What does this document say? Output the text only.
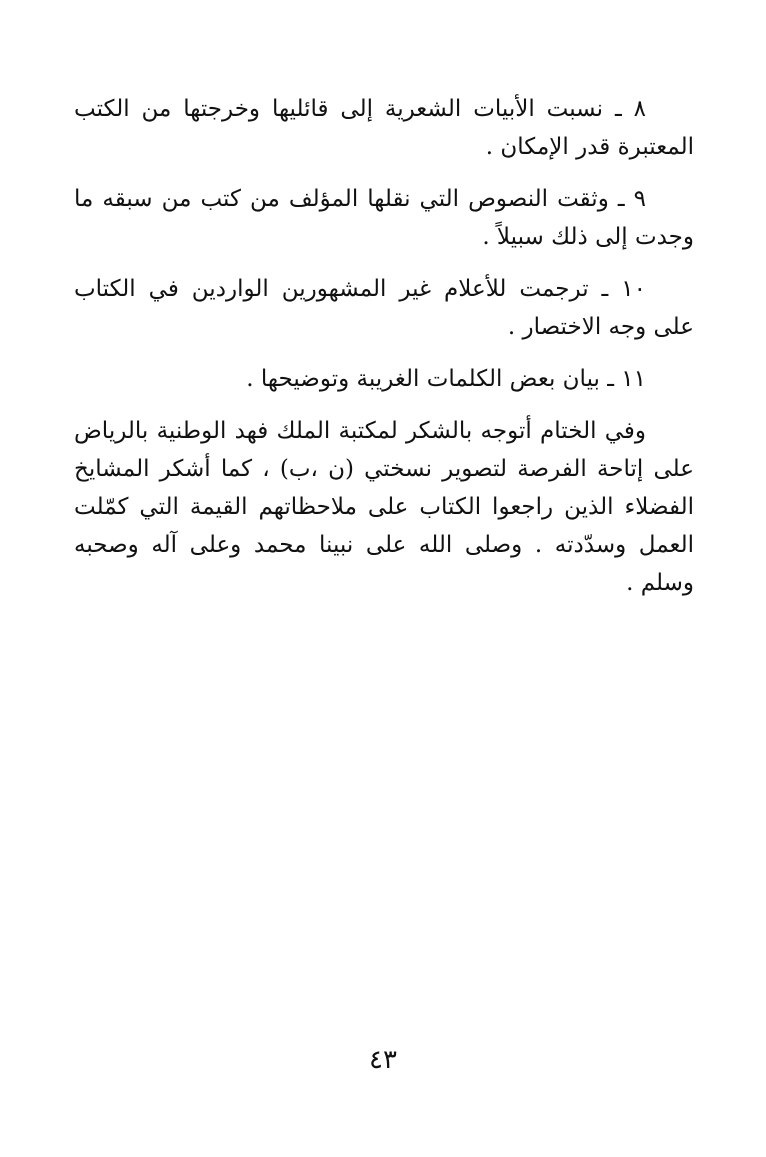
٨ ـ نسبت الأبيات الشعرية إلى قائليها وخرجتها من الكتب المعتبرة قدر الإمكان .

٩ ـ وثقت النصوص التي نقلها المؤلف من كتب من سبقه ما وجدت إلى ذلك سبيلاً .

١٠ ـ ترجمت للأعلام غير المشهورين الواردين في الكتاب على وجه الاختصار .

١١ ـ بيان بعض الكلمات الغريبة وتوضيحها .

وفي الختام أتوجه بالشكر لمكتبة الملك فهد الوطنية بالرياض على إتاحة الفرصة لتصوير نسختي (ن ،ب) ، كما أشكر المشايخ الفضلاء الذين راجعوا الكتاب على ملاحظاتهم القيمة التي كمّلت العمل وسدّدته . وصلى الله على نبينا محمد وعلى آله وصحبه وسلم .

٤٣
